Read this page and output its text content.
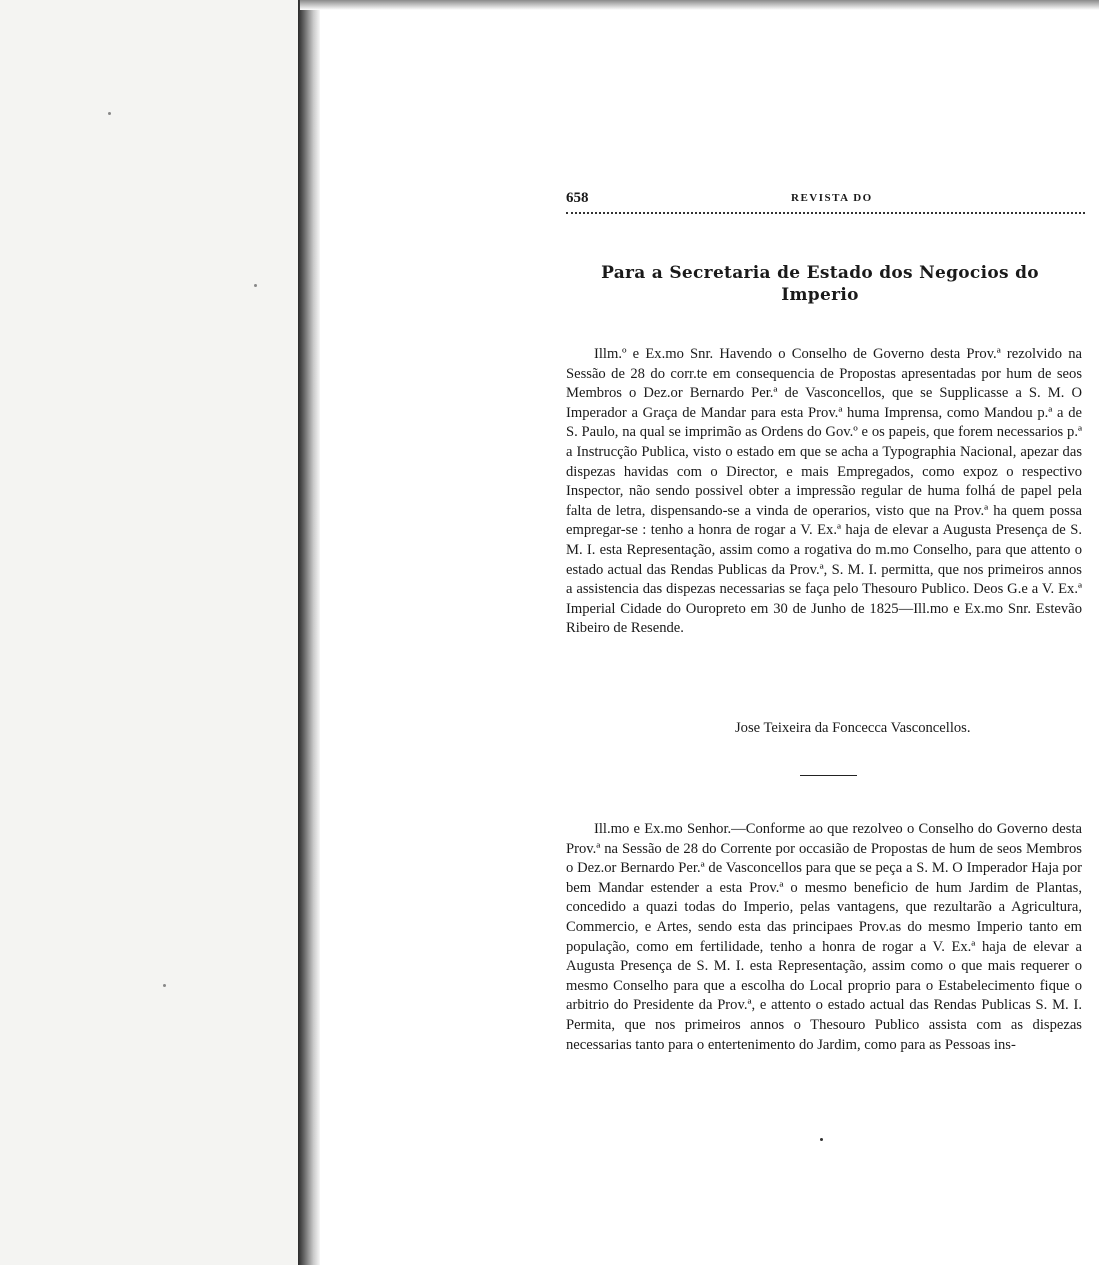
658	REVISTA DO
Para a Secretaria de Estado dos Negocios do Imperio

Illm.º e Ex.mo Snr. Havendo o Conselho de Governo desta Prov.ª rezolvido na Sessão de 28 do corr.te em consequencia de Propostas apresentadas por hum de seos Membros o Dez.or Bernardo Per.ª de Vasconcellos, que se Supplicasse a S. M. O Imperador a Graça de Mandar para esta Prov.ª huma Imprensa, como Mandou p.ª a de S. Paulo, na qual se imprimão as Ordens do Gov.º e os papeis, que forem necessarios p.ª a Instrucção Publica, visto o estado em que se acha a Typographia Nacional, apezar das dispezas havidas com o Director, e mais Empregados, como expoz o respectivo Inspector, não sendo possivel obter a impressão regular de huma folhá de papel pela falta de letra, dispensando-se a vinda de operarios, visto que na Prov.ª ha quem possa empregar-se : tenho a honra de rogar a V. Ex.ª haja de elevar a Augusta Presença de S. M. I. esta Representação, assim como a rogativa do m.mo Conselho, para que attento o estado actual das Rendas Publicas da Prov.ª, S. M. I. permitta, que nos primeiros annos a assistencia das dispezas necessarias se faça pelo Thesouro Publico. Deos G.e a V. Ex.ª Imperial Cidade do Ouropreto em 30 de Junho de 1825—Ill.mo e Ex.mo Snr. Estevão Ribeiro de Resende.

Jose Teixeira da Foncecca Vasconcellos.

Ill.mo e Ex.mo Senhor.—Conforme ao que rezolveo o Conselho do Governo desta Prov.ª na Sessão de 28 do Corrente por occasião de Propostas de hum de seos Membros o Dez.or Bernardo Per.ª de Vasconcellos para que se peça a S. M. O Imperador Haja por bem Mandar estender a esta Prov.ª o mesmo beneficio de hum Jardim de Plantas, concedido a quazi todas do Imperio, pelas vantagens, que rezultarão a Agricultura, Commercio, e Artes, sendo esta das principaes Prov.as do mesmo Imperio tanto em população, como em fertilidade, tenho a honra de rogar a V. Ex.ª haja de elevar a Augusta Presença de S. M. I. esta Representação, assim como o que mais requerer o mesmo Conselho para que a escolha do Local proprio para o Estabelecimento fique o arbitrio do Presidente da Prov.ª, e attento o estado actual das Rendas Publicas S. M. I. Permita, que nos primeiros annos o Thesouro Publico assista com as dispezas necessarias tanto para o entertenimento do Jardim, como para as Pessoas ins-
